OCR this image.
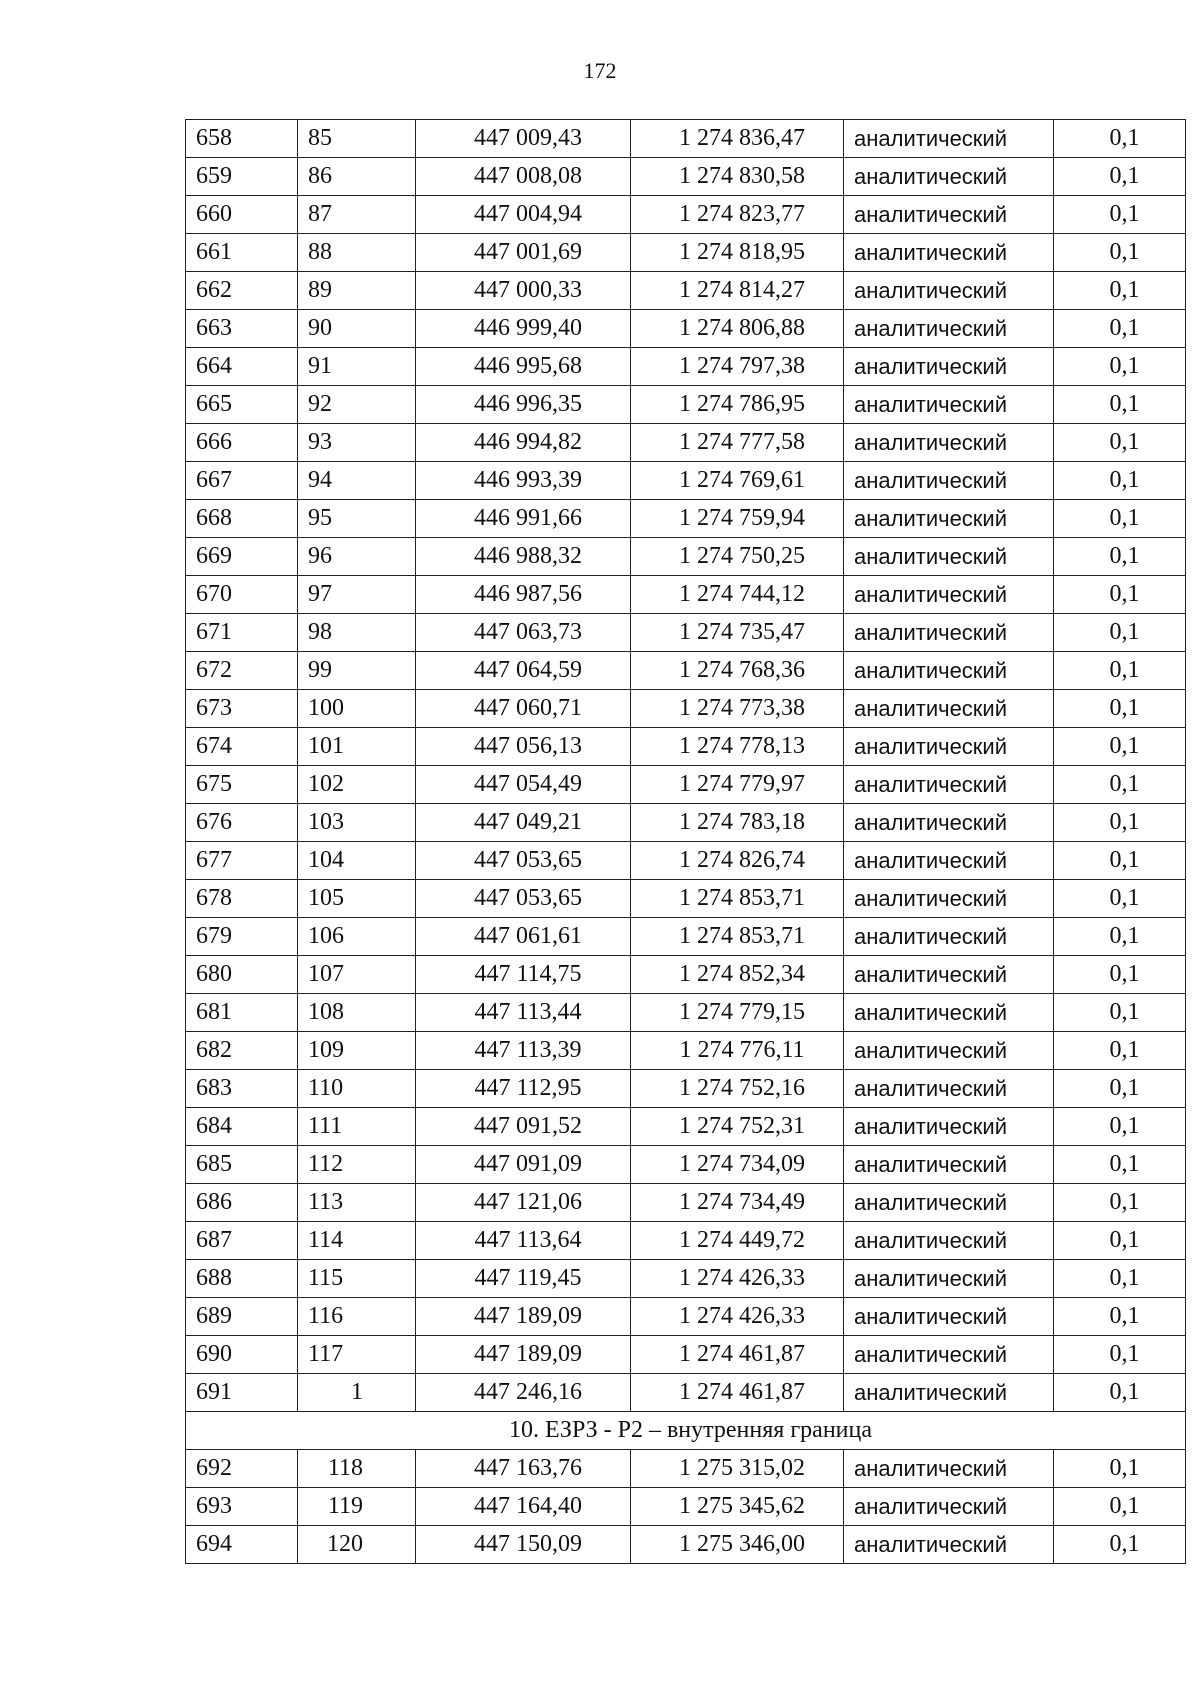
172
658	85	447 009,43	1 274 836,47	аналитический	0,1
659	86	447 008,08	1 274 830,58	аналитический	0,1
660	87	447 004,94	1 274 823,77	аналитический	0,1
661	88	447 001,69	1 274 818,95	аналитический	0,1
662	89	447 000,33	1 274 814,27	аналитический	0,1
663	90	446 999,40	1 274 806,88	аналитический	0,1
664	91	446 995,68	1 274 797,38	аналитический	0,1
665	92	446 996,35	1 274 786,95	аналитический	0,1
666	93	446 994,82	1 274 777,58	аналитический	0,1
667	94	446 993,39	1 274 769,61	аналитический	0,1
668	95	446 991,66	1 274 759,94	аналитический	0,1
669	96	446 988,32	1 274 750,25	аналитический	0,1
670	97	446 987,56	1 274 744,12	аналитический	0,1
671	98	447 063,73	1 274 735,47	аналитический	0,1
672	99	447 064,59	1 274 768,36	аналитический	0,1
673	100	447 060,71	1 274 773,38	аналитический	0,1
674	101	447 056,13	1 274 778,13	аналитический	0,1
675	102	447 054,49	1 274 779,97	аналитический	0,1
676	103	447 049,21	1 274 783,18	аналитический	0,1
677	104	447 053,65	1 274 826,74	аналитический	0,1
678	105	447 053,65	1 274 853,71	аналитический	0,1
679	106	447 061,61	1 274 853,71	аналитический	0,1
680	107	447 114,75	1 274 852,34	аналитический	0,1
681	108	447 113,44	1 274 779,15	аналитический	0,1
682	109	447 113,39	1 274 776,11	аналитический	0,1
683	110	447 112,95	1 274 752,16	аналитический	0,1
684	111	447 091,52	1 274 752,31	аналитический	0,1
685	112	447 091,09	1 274 734,09	аналитический	0,1
686	113	447 121,06	1 274 734,49	аналитический	0,1
687	114	447 113,64	1 274 449,72	аналитический	0,1
688	115	447 119,45	1 274 426,33	аналитический	0,1
689	116	447 189,09	1 274 426,33	аналитический	0,1
690	117	447 189,09	1 274 461,87	аналитический	0,1
691	1	447 246,16	1 274 461,87	аналитический	0,1
10. ЕЗРЗ - Р2 – внутренняя граница					
692	118	447 163,76	1 275 315,02	аналитический	0,1
693	119	447 164,40	1 275 345,62	аналитический	0,1
694	120	447 150,09	1 275 346,00	аналитический	0,1
